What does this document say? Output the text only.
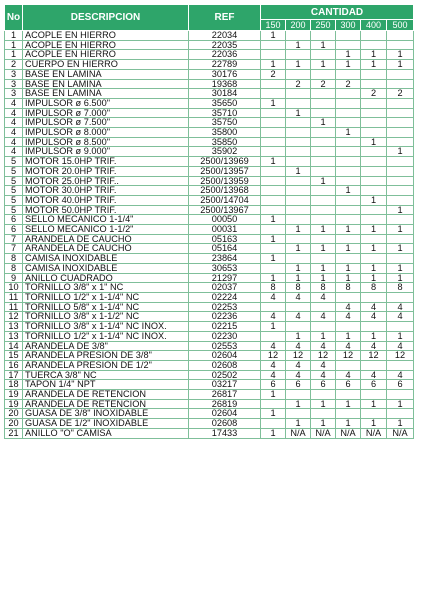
No	DESCRIPCION	REF	CANTIDAD					
			150	200	250	300	400	500
1	ACOPLE EN HIERRO	22034	1					
1	ACOPLE EN HIERRO	22035		1	1			
1	ACOPLE EN HIERRO	22036				1	1	1
2	CUERPO EN HIERRO	22789	1	1	1	1	1	1
3	BASE EN LAMINA	30176	2					
3	BASE EN LAMINA	19368		2	2	2		
3	BASE EN LAMINA	30184					2	2
4	IMPULSOR ø 6.500"	35650	1					
4	IMPULSOR ø 7.000"	35710		1				
4	IMPULSOR ø 7.500"	35750			1			
4	IMPULSOR ø 8.000"	35800				1		
4	IMPULSOR ø 8.500"	35850					1	
4	IMPULSOR ø 9.000"	35902						1
5	MOTOR 15.0HP TRIF.	2500/13969	1					
5	MOTOR 20.0HP TRIF.	2500/13957		1				
5	MOTOR 25.0HP TRIF..	2500/13959			1			
5	MOTOR 30.0HP TRIF.	2500/13968				1		
5	MOTOR 40.0HP TRIF.	2500/14704					1	
5	MOTOR 50.0HP TRIF.	2500/13967						1
6	SELLO MECANICO 1-1/4"	00050	1					
6	SELLO MECANICO 1-1/2"	00031		1	1	1	1	1
7	ARANDELA DE CAUCHO	05163	1					
7	ARANDELA DE CAUCHO	05164		1	1	1	1	1
8	CAMISA INOXIDABLE	23864	1					
8	CAMISA INOXIDABLE	30653		1	1	1	1	1
9	ANILLO CUADRADO	21297	1	1	1	1	1	1
10	TORNILLO 3/8" x 1" NC	02037	8	8	8	8	8	8
11	TORNILLO 1/2" x 1-1/4" NC	02224	4	4	4			
11	TORNILLO 5/8" x 1-1/4" NC	02253				4	4	4
12	TORNILLO 3/8" x 1-1/2" NC	02236	4	4	4	4	4	4
13	TORNILLO 3/8" x 1-1/4" NC INOX.	02215	1					
13	TORNILLO 1/2" x 1-1/4" NC INOX.	02230		1	1	1	1	1
14	ARANDELA DE 3/8"	02553	4	4	4	4	4	4
15	ARANDELA PRESION DE 3/8"	02604	12	12	12	12	12	12
16	ARANDELA PRESION DE 1/2"	02608	4	4	4			
17	TUERCA 3/8" NC	02502	4	4	4	4	4	4
18	TAPON 1/4" NPT	03217	6	6	6	6	6	6
19	ARANDELA DE RETENCION	26817	1					
19	ARANDELA DE RETENCION	26819		1	1	1	1	1
20	GUASA DE 3/8" INOXIDABLE	02604	1					
20	GUASA DE 1/2" INOXIDABLE	02608		1	1	1	1	1
21	ANILLO "O" CAMISA	17433	1	N/A	N/A	N/A	N/A	N/A
